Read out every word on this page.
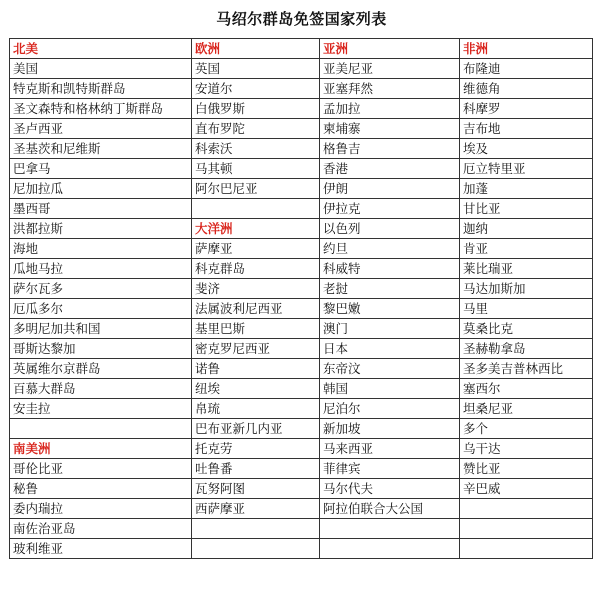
马绍尔群岛免签国家列表
北美	欧洲	亚洲	非洲
美国	英国	亚美尼亚	布隆迪
特克斯和凯特斯群岛	安道尔	亚塞拜然	维德角
圣文森特和格林纳丁斯群岛	白俄罗斯	孟加拉	科摩罗
圣卢西亚	直布罗陀	柬埔寨	吉布地
圣基茨和尼维斯	科索沃	格鲁吉	埃及
巴拿马	马其顿	香港	厄立特里亚
尼加拉瓜	阿尔巴尼亚	伊朗	加蓬
墨西哥		伊拉克	甘比亚
洪都拉斯	大洋洲	以色列	迦纳
海地	萨摩亚	约旦	肯亚
瓜地马拉	科克群岛	科威特	莱比瑞亚
萨尔瓦多	斐济	老挝	马达加斯加
厄瓜多尔	法属波利尼西亚	黎巴嫩	马里
多明尼加共和国	基里巴斯	澳门	莫桑比克
哥斯达黎加	密克罗尼西亚	日本	圣赫勒拿岛
英属维尔京群岛	诺鲁	东帝汶	圣多美吉普林西比
百慕大群岛	纽埃	韩国	塞西尔
安圭拉	帛琉	尼泊尔	坦桑尼亚
	巴布亚新几内亚	新加坡	多个
南美洲	托克劳	马来西亚	乌干达
哥伦比亚	吐鲁番	菲律宾	赞比亚
秘鲁	瓦努阿图	马尔代夫	辛巴威
委内瑞拉	西萨摩亚	阿拉伯联合大公国	
南佐治亚岛			
玻利维亚			
